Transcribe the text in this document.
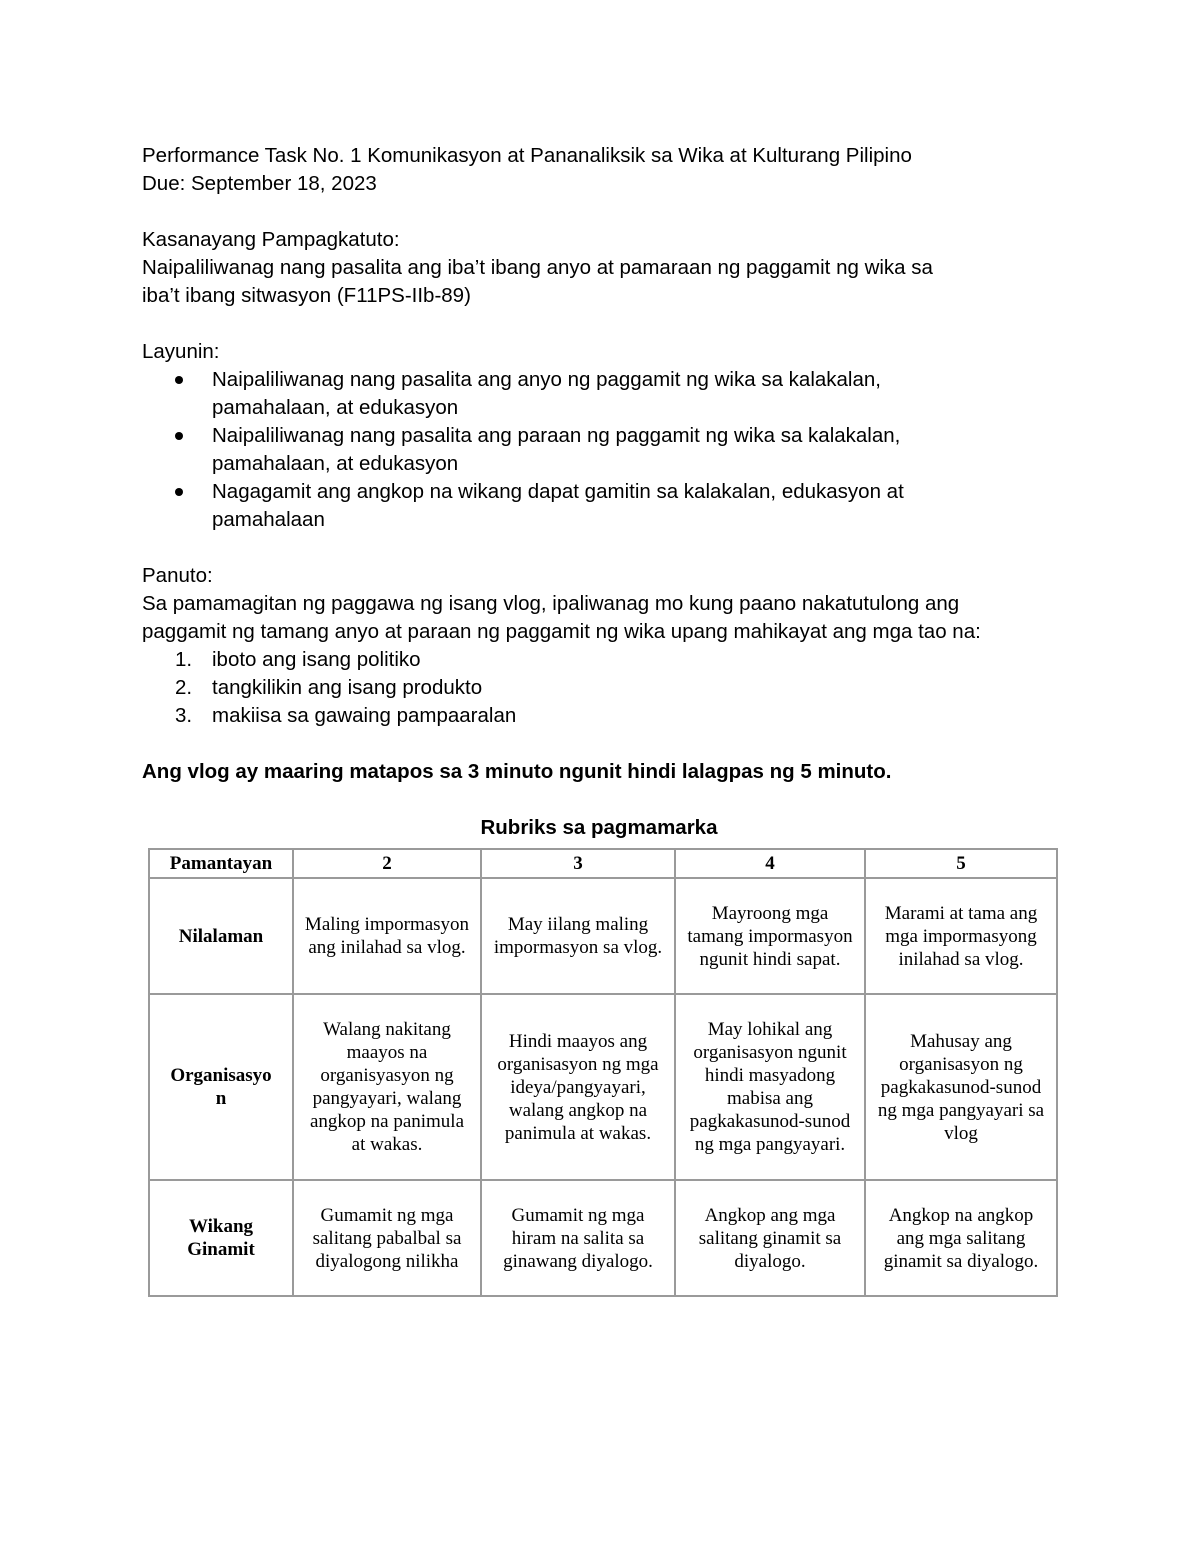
Performance Task No. 1 Komunikasyon at Pananaliksik sa Wika at Kulturang Pilipino
Due: September 18, 2023
Kasanayang Pampagkatuto:
Naipaliliwanag nang pasalita ang iba’t ibang anyo at pamaraan ng paggamit ng wika sa
iba’t ibang sitwasyon (F11PS-IIb-89)
Layunin:
Naipaliliwanag nang pasalita ang anyo ng paggamit ng wika sa kalakalan,
pamahalaan, at edukasyon
Naipaliliwanag nang pasalita ang paraan ng paggamit ng wika sa kalakalan,
pamahalaan, at edukasyon
Nagagamit ang angkop na wikang dapat gamitin sa kalakalan, edukasyon at
pamahalaan
Panuto:
Sa pamamagitan ng paggawa ng isang vlog, ipaliwanag mo kung paano nakatutulong ang
paggamit ng tamang anyo at paraan ng paggamit ng wika upang mahikayat ang mga tao na:
1. iboto ang isang politiko
2. tangkilikin ang isang produkto
3. makiisa sa gawaing pampaaralan
Ang vlog ay maaring matapos sa 3 minuto ngunit hindi lalagpas ng 5 minuto.
Rubriks sa pagmamarka
Pamantayan	2	3	4	5
Nilalaman	Maling impormasyon ang inilahad sa vlog.	May iilang maling impormasyon sa vlog.	Mayroong mga tamang impormasyon ngunit hindi sapat.	Marami at tama ang mga impormasyong inilahad sa vlog.

Organisasyo
n	Walang nakitang maayos na organisyasyon ng pangyayari, walang angkop na panimula at wakas.	Hindi maayos ang organisasyon ng mga ideya/pangyayari, walang angkop na panimula at wakas.	May lohikal ang organisasyon ngunit hindi masyadong mabisa ang pagkakasunod-sunod ng mga pangyayari.	Mahusay ang organisasyon ng pagkakasunod-sunod ng mga pangyayari sa vlog

Wikang
Ginamit	Gumamit ng mga salitang pabalbal sa diyalogong nilikha	Gumamit ng mga hiram na salita sa ginawang diyalogo.	Angkop ang mga salitang ginamit sa diyalogo.	Angkop na angkop ang mga salitang ginamit sa diyalogo.
